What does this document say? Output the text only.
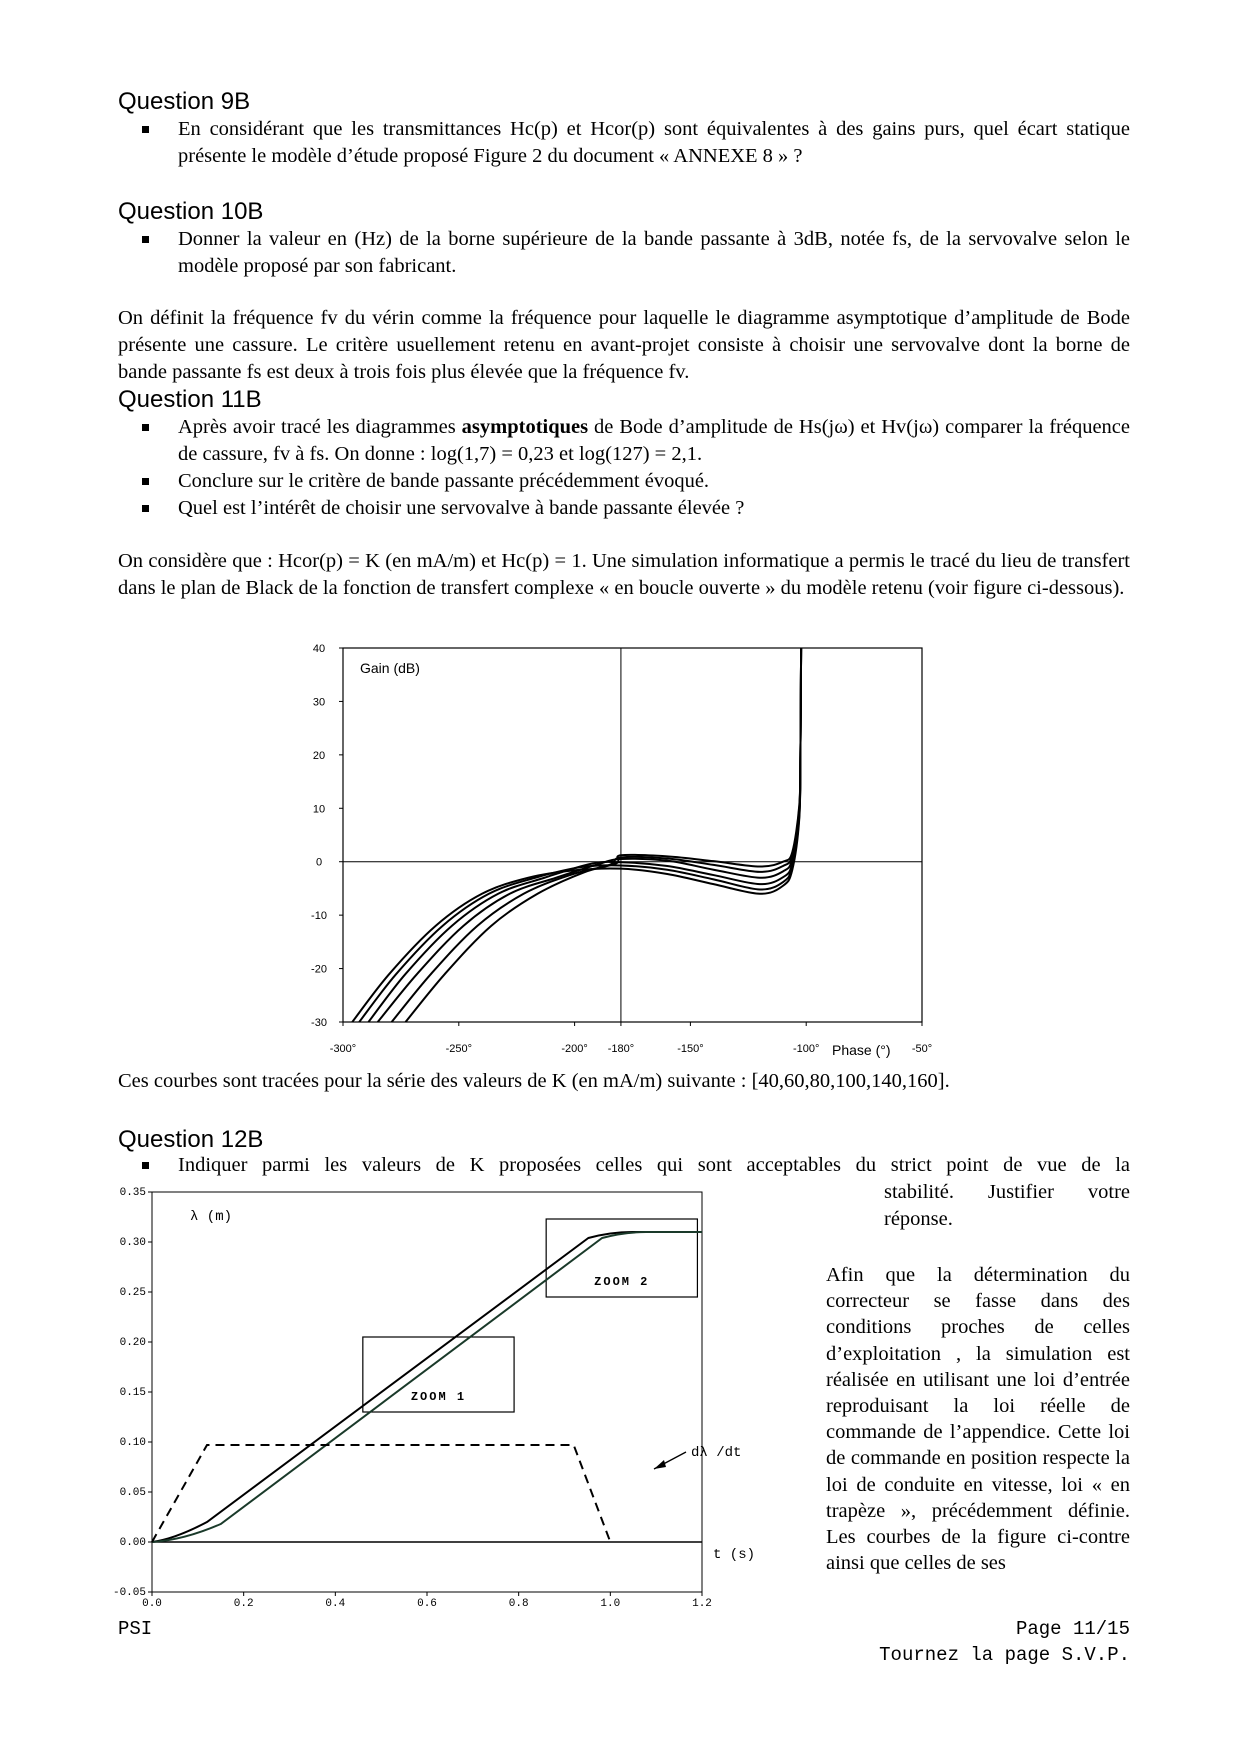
Question 9B
En considérant que les transmittances Hc(p) et Hcor(p) sont équivalentes à des gains purs, quel écart statique présente le modèle d’étude proposé Figure 2 du document « ANNEXE 8 » ?
Question 10B
Donner la valeur en (Hz) de la borne supérieure de la bande passante à 3dB, notée fs, de la servovalve selon le modèle proposé par son fabricant.
On définit la fréquence fv du vérin comme la fréquence pour laquelle le diagramme asymptotique d’amplitude de Bode présente une cassure. Le critère usuellement retenu en avant-projet consiste à choisir une servovalve dont la borne de bande passante fs est deux à trois fois plus élevée que la fréquence fv.
Question 11B
Après avoir tracé les diagrammes asymptotiques de Bode d’amplitude de Hs(jω) et Hv(jω) comparer la fréquence de cassure, fv à fs. On donne : log(1,7) = 0,23 et log(127) = 2,1.
Conclure sur le critère de bande passante précédemment évoqué.
Quel est l’intérêt de choisir une servovalve à bande passante élevée ?
On considère que : Hcor(p) = K (en mA/m) et Hc(p) = 1. Une simulation informatique a permis le tracé du lieu de transfert dans le plan de Black de la fonction de transfert complexe « en boucle ouverte » du modèle retenu (voir figure ci-dessous).
40
30
20
10
0
-10
-20
-30
-300°	-250°	-200° -180°	-150°	-100°	-50°
Gain (dB)
Phase (°)
Ces courbes sont tracées pour la série des valeurs de K (en mA/m) suivante : [40,60,80,100,140,160].
Question 12B
Indiquer parmi les valeurs de K proposées celles qui sont acceptables du strict point de vue de la
stabilité. Justifier votre
réponse.
Afin que la détermination du correcteur se fasse dans des conditions proches de celles d’exploitation , la simulation est réalisée en utilisant une loi d’entrée reproduisant la loi réelle de commande de l’appendice. Cette loi de commande en position respecte la loi de conduite en vitesse, loi « en trapèze », précédemment définie. Les courbes de la figure ci-contre ainsi que celles de ses
0.35
0.30
0.25
0.20
0.15
0.10
0.05
0.00
-0.05
0.0	0.2	0.4	0.6	0.8	1.0	1.2
ZOOM 1
ZOOM 2
λ (m)
t (s)
dλ /dt
PSI	Page 11/15
Tournez la page S.V.P.
